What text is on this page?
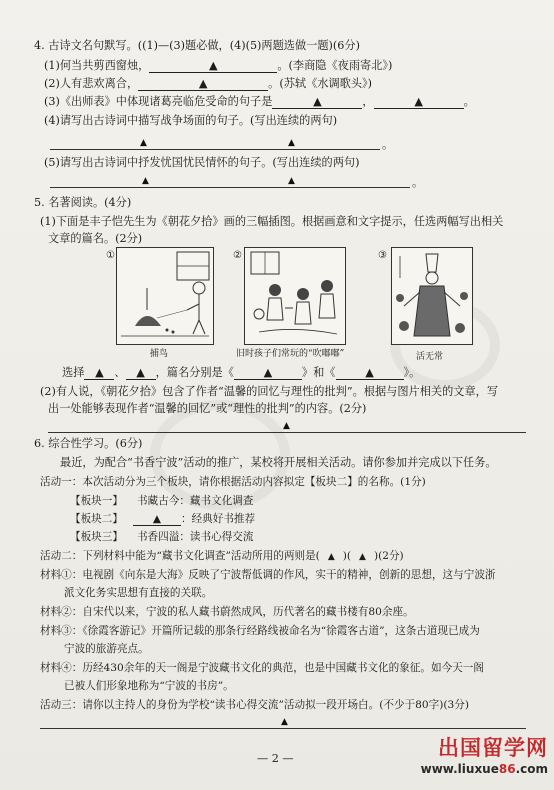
4. 古诗文名句默写。((1)—(3)题必做，(4)(5)两题选做一题)(6分)
(1)何当共剪西窗烛，	▲	。(李商隐《夜雨寄北》)
(2)人有悲欢离合，	▲	。(苏轼《水调歌头》)
(3)《出师表》中体现诸葛亮临危受命的句子是	▲	，	▲	。
(4)请写出古诗词中描写战争场面的句子。(写出连续的两句)
▲	▲	。
(5)请写出古诗词中抒发忧国忧民情怀的句子。(写出连续的两句)
▲	▲	。
5. 名著阅读。(4分)
(1)下面是丰子恺先生为《朝花夕拾》画的三幅插图。根据画意和文字提示，任选两幅写出相关
文章的篇名。(2分)
①
捕鸟
②
旧时孩子们常玩的“吹嘟嘟”
③
活无常
选择 ▲ 、 ▲ ，篇名分别是《	▲	》和《	▲	》。
(2)有人说，《朝花夕拾》包含了作者“温馨的回忆与理性的批判”。根据与图片相关的文章，写
出一处能够表现作者“温馨的回忆”或“理性的批判”的内容。(2分)
▲
6. 综合性学习。(6分)
最近，为配合“书香宁波”活动的推广，某校将开展相关活动。请你参加并完成以下任务。
活动一：本次活动分为三个板块，请你根据活动内容拟定【板块二】的名称。(1分)
【板块一】 书藏古今：藏书文化调查
【板块二】	▲ ：经典好书推荐
【板块三】 书香四溢：读书心得交流
活动二：下列材料中能为“藏书文化调查”活动所用的两则是( ▲ )( ▲ )(2分)
材料①：电视剧《向东是大海》反映了宁波帮低调的作风，实干的精神，创新的思想，这与宁波浙
派文化务实思想有直接的关联。
材料②：自宋代以来，宁波的私人藏书蔚然成风，历代著名的藏书楼有80余座。
材料③：《徐霞客游记》开篇所记载的那条行经路线被命名为“徐霞客古道”，这条古道现已成为
宁波的旅游亮点。
材料④：历经430余年的天一阁是宁波藏书文化的典范，也是中国藏书文化的象征。如今天一阁
已被人们形象地称为“宁波的书房”。
活动三：请你以主持人的身份为学校“读书心得交流”活动拟一段开场白。(不少于80字)(3分)
▲
— 2 —	出国留学网
www.liuxue86.com
